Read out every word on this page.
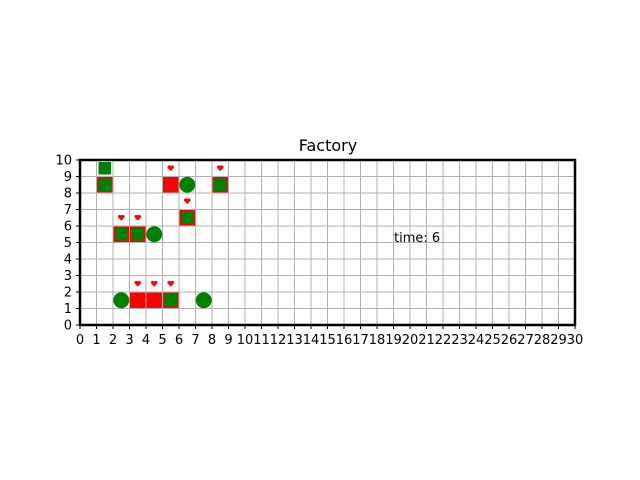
Factory
0 1 2 3 4 5 6 7 8 9 10 11 12 13 14 15 16 17 18 19 20 21 22 23 24 25 26 27 28 29 30
0
1
2
3
4
5
6
7
8
9
10
time: 6
